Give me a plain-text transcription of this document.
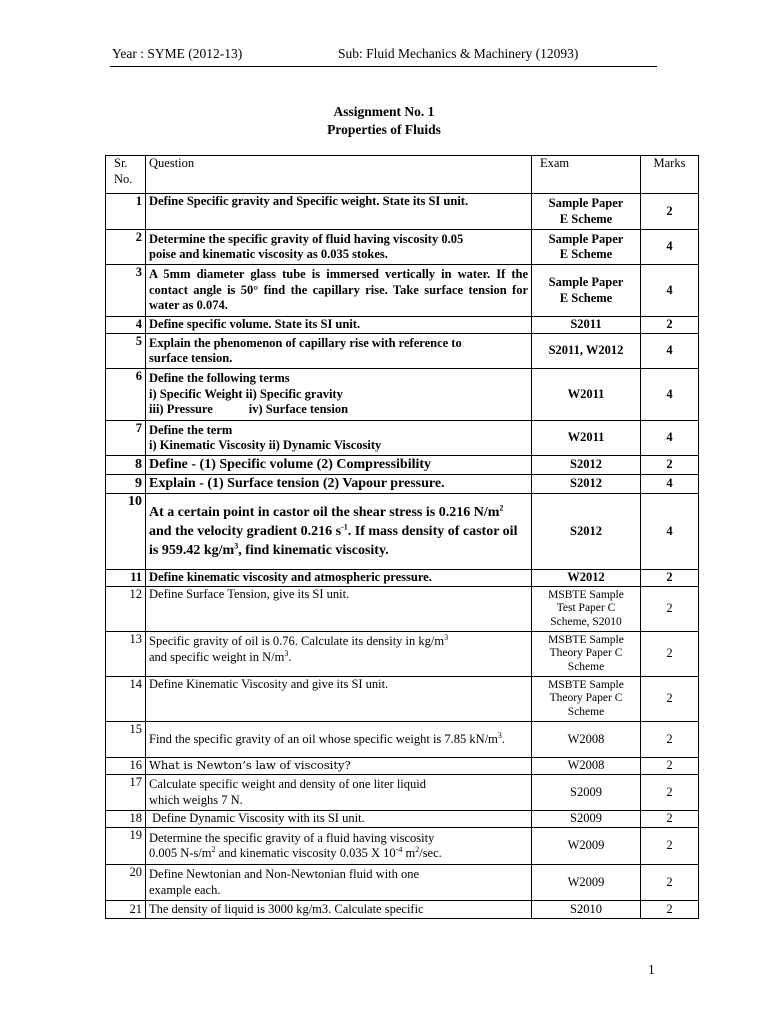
Year : SYME (2012-13)	Sub: Fluid Mechanics & Machinery (12093)
Assignment No. 1
Properties of Fluids
Sr.
No.	Question	Exam	Marks
1	Define Specific gravity and Specific weight. State its SI unit.	Sample Paper
E Scheme	2
2	Determine the specific gravity of fluid having viscosity 0.05
poise and kinematic viscosity as 0.035 stokes.	Sample Paper
E Scheme	4
3	A 5mm diameter glass tube is immersed vertically in water. If the contact angle is 50° find the capillary rise. Take surface tension for water as 0.074.	Sample Paper
E Scheme	4
4	Define specific volume. State its SI unit.	S2011	2
5	Explain the phenomenon of capillary rise with reference to
surface tension.	S2011, W2012	4
6	Define the following terms
i) Specific Weight ii) Specific gravity
iii) Pressure iv) Surface tension	W2011	4
7	Define the term
i) Kinematic Viscosity ii) Dynamic Viscosity	W2011	4
8	Define - (1) Specific volume (2) Compressibility	S2012	2
9	Explain - (1) Surface tension (2) Vapour pressure.	S2012	4
10	At a certain point in castor oil the shear stress is 0.216 $N/m^2$ and the velocity gradient 0.216 $s^{-1}$. If mass density of castor oil is 959.42 $kg/m^3$, find kinematic viscosity.	S2012	4
11	Define kinematic viscosity and atmospheric pressure.	W2012	2
12	Define Surface Tension, give its SI unit.	MSBTE Sample
Test Paper C
Scheme, S2010	2
13	Specific gravity of oil is 0.76. Calculate its density in $kg/m^3$
and specific weight in $N/m^3$.	MSBTE Sample
Theory Paper C
Scheme	2
14	Define Kinematic Viscosity and give its SI unit.	MSBTE Sample
Theory Paper C
Scheme	2
15	Find the specific gravity of an oil whose specific weight is 7.85 $kN/m^3$.	W2008	2
16	What is Newton’s law of viscosity?	W2008	2
17	Calculate specific weight and density of one liter liquid
which weighs 7 N.	S2009	2
18	Define Dynamic Viscosity with its SI unit.	S2009	2
19	Determine the specific gravity of a fluid having viscosity
0.005 $N-s/m^2$ and kinematic viscosity 0.035 X $10^{-4}$ $m^2/\sec$.	W2009	2
20	Define Newtonian and Non-Newtonian fluid with one
example each.	W2009	2
21	The density of liquid is 3000 kg/m3. Calculate specific	S2010	2
1
